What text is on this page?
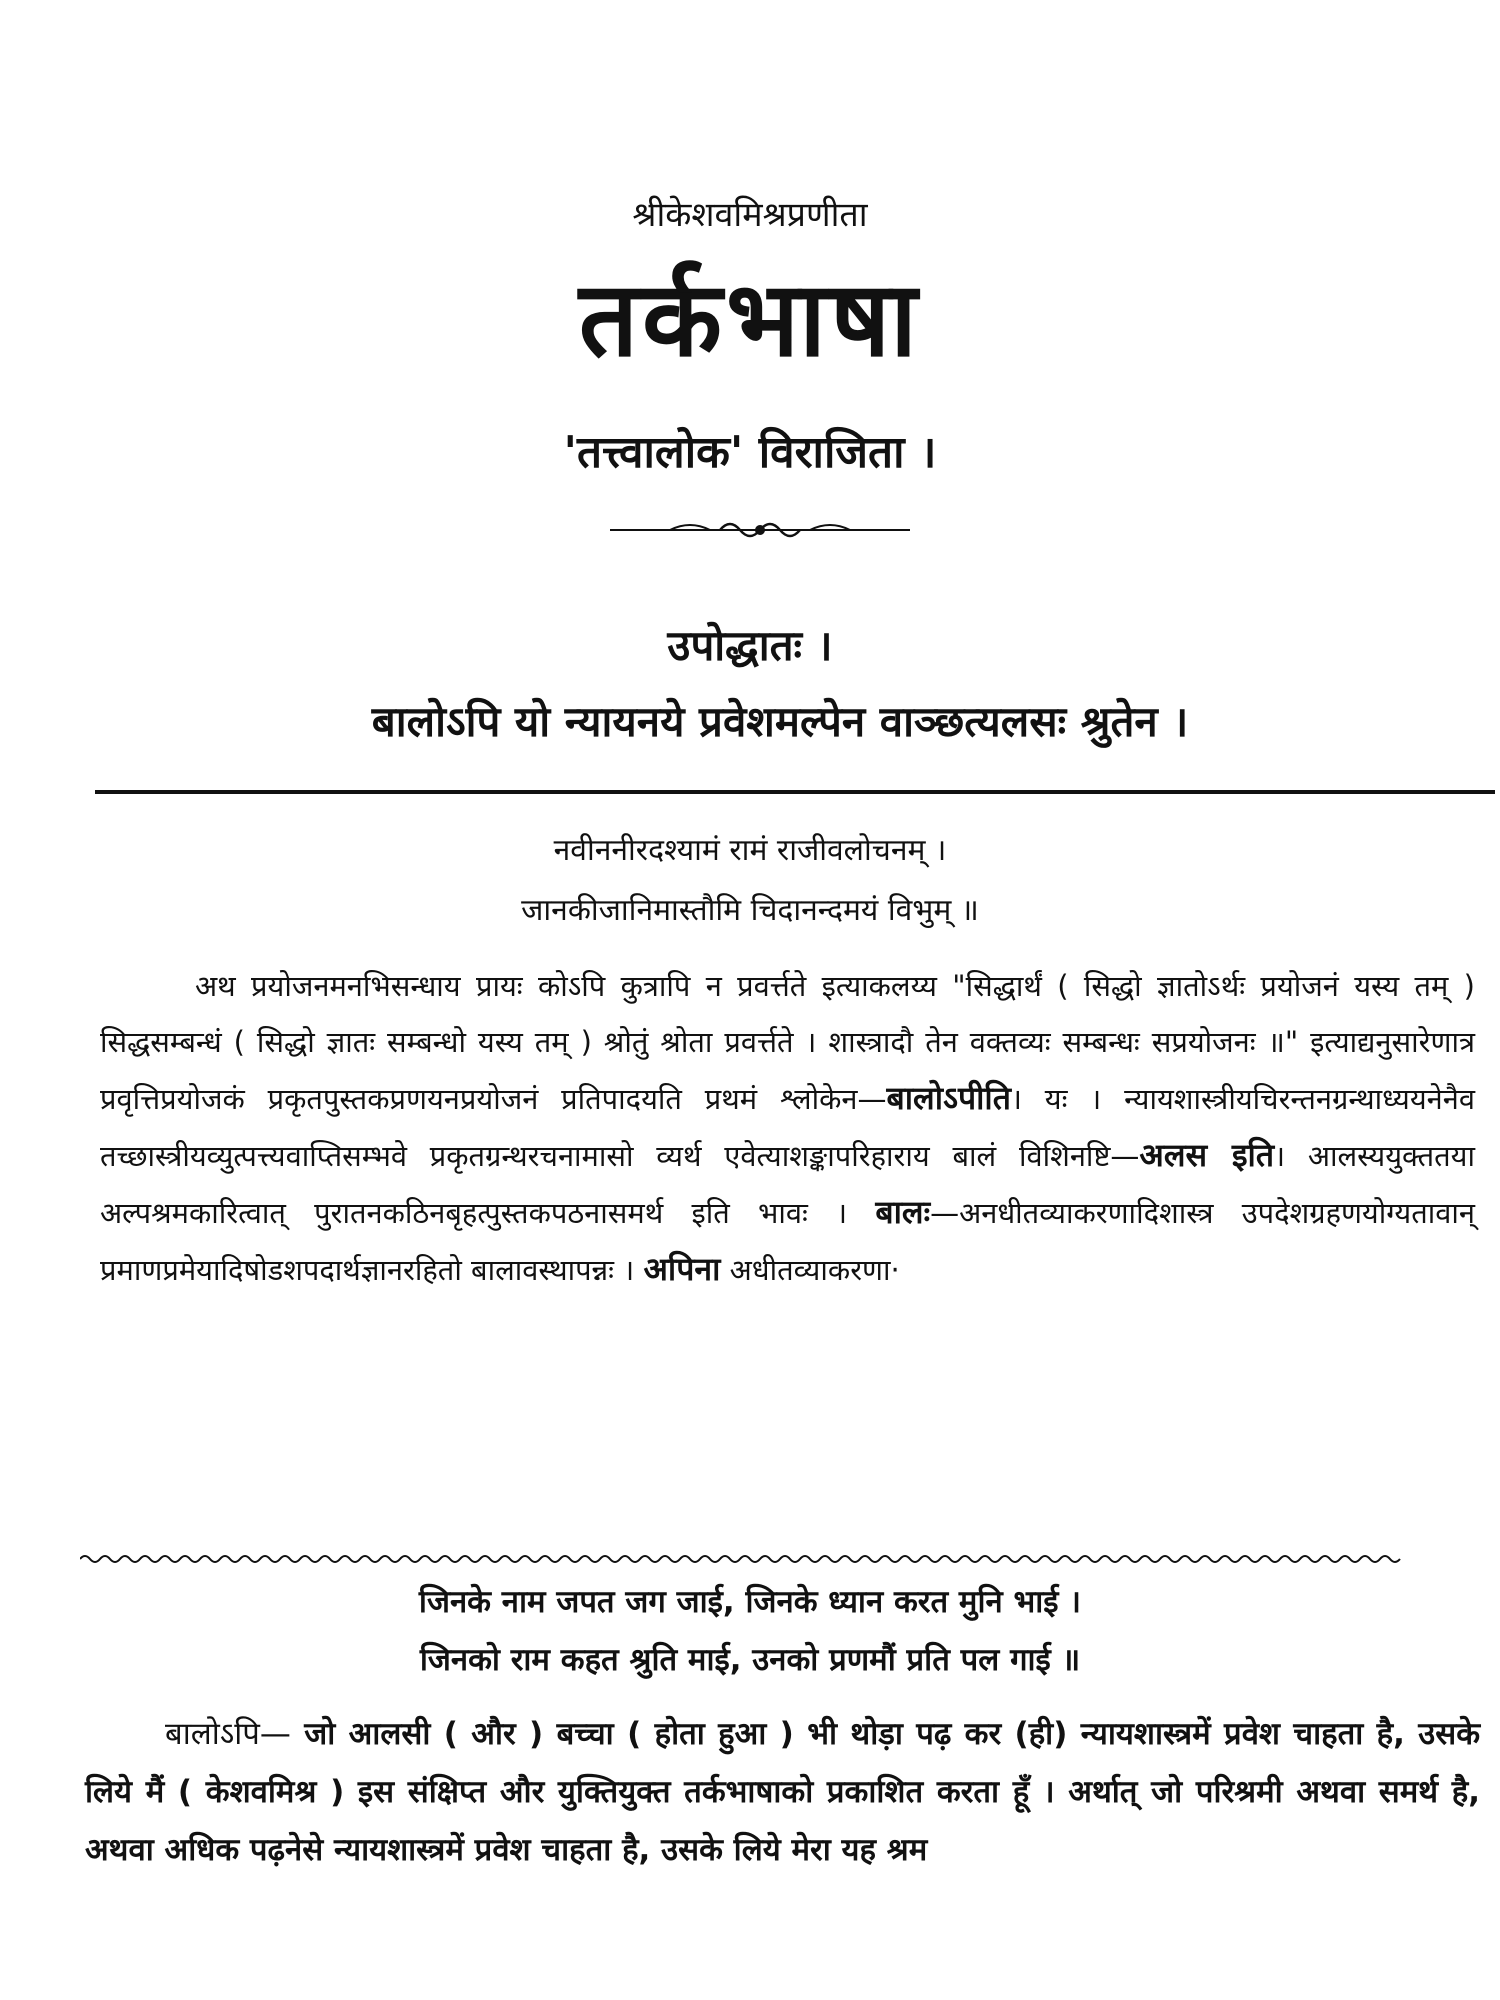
श्रीकेशवमिश्रप्रणीता
तर्कभाषा
'तत्त्वालोक' विराजिता ।
उपोद्धातः ।
बालोऽपि यो न्यायनये प्रवेशमल्पेन वाञ्छत्यलसः श्रुतेन ।
नवीननीरदश्यामं रामं राजीवलोचनम् ।
जानकीजानिमास्तौमि चिदानन्दमयं विभुम् ॥
अथ प्रयोजनमनभिसन्धाय प्रायः कोऽपि कुत्रापि न प्रवर्त्तते इत्याकलय्य "सिद्धार्थं ( सिद्धो ज्ञातोऽर्थः प्रयोजनं यस्य तम् ) सिद्धसम्बन्धं ( सिद्धो ज्ञातः सम्बन्धो यस्य तम् ) श्रोतुं श्रोता प्रवर्त्तते । शास्त्रादौ तेन वक्तव्यः सम्बन्धः सप्रयोजनः ॥" इत्याद्यनुसारेणात्र प्रवृत्तिप्रयोजकं प्रकृतपुस्तकप्रणयनप्रयोजनं प्रतिपादयति प्रथमं श्लोकेन—बालोऽपीति। यः । न्यायशास्त्रीयचिरन्तनग्रन्थाध्ययनेनैव तच्छास्त्रीयव्युत्पत्त्यवाप्तिसम्भवे प्रकृतग्रन्थरचनामासो व्यर्थ एवेत्याशङ्कापरिहाराय बालं विशिनष्टि—अलस इति। आलस्ययुक्ततया अल्पश्रमकारित्वात् पुरातनकठिनबृहत्पुस्तकपठनासमर्थ इति भावः । बालः—अनधीतव्याकरणादिशास्त्र उपदेशग्रहणयोग्यतावान् प्रमाणप्रमेयादिषोडशपदार्थज्ञानरहितो बालावस्थापन्नः । अपिना अधीतव्याकरणा·
जिनके नाम जपत जग जाई, जिनके ध्यान करत मुनि भाई ।
जिनको राम कहत श्रुति माई, उनको प्रणमौं प्रति पल गाई ॥
बालोऽपि— जो आलसी ( और ) बच्चा ( होता हुआ ) भी थोड़ा पढ़ कर (ही) न्यायशास्त्रमें प्रवेश चाहता है, उसके लिये मैं ( केशवमिश्र ) इस संक्षिप्त और युक्तियुक्त तर्कभाषाको प्रकाशित करता हूँ । अर्थात् जो परिश्रमी अथवा समर्थ है, अथवा अधिक पढ़नेसे न्यायशास्त्रमें प्रवेश चाहता है, उसके लिये मेरा यह श्रम
